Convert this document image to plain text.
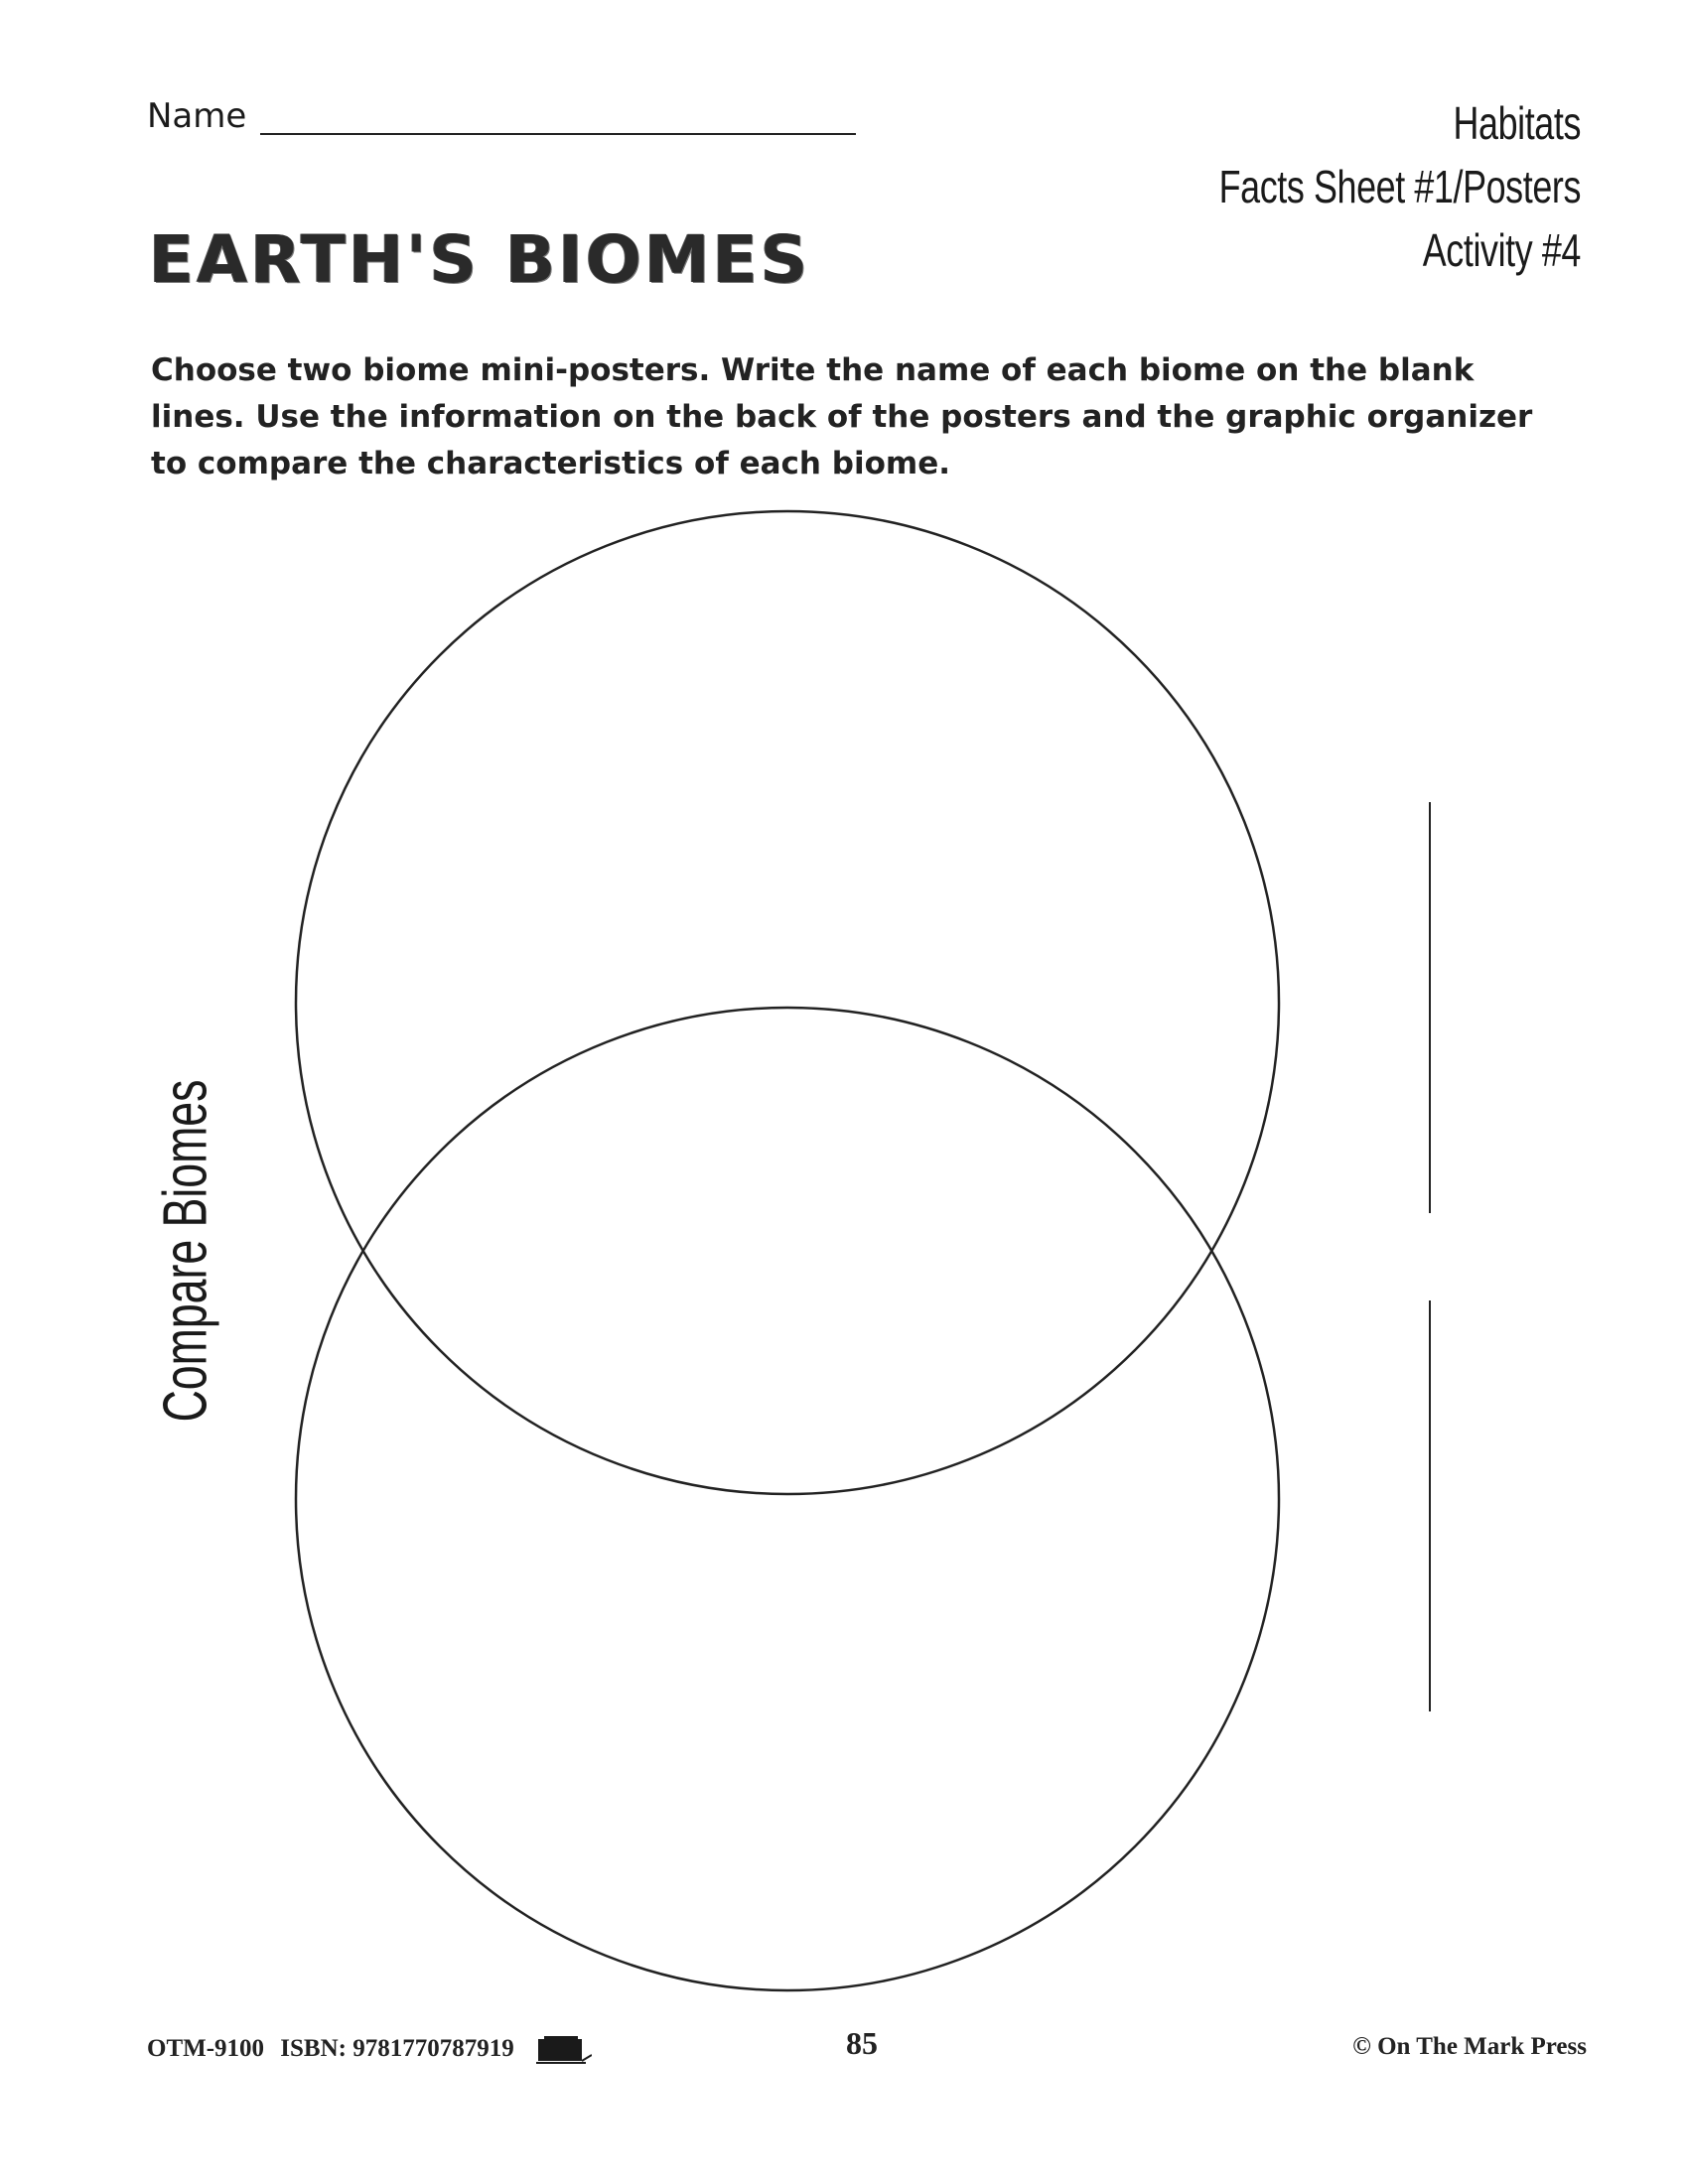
Name	Habitats
Facts Sheet #1/Posters
Activity #4
EARTH'S BIOMES
Choose two biome mini-posters. Write the name of each biome on the blank lines. Use the information on the back of the posters and the graphic organizer to compare the characteristics of each biome.
Compare Biomes
OTM-9100 ISBN: 9781770787919	85	© On The Mark Press
